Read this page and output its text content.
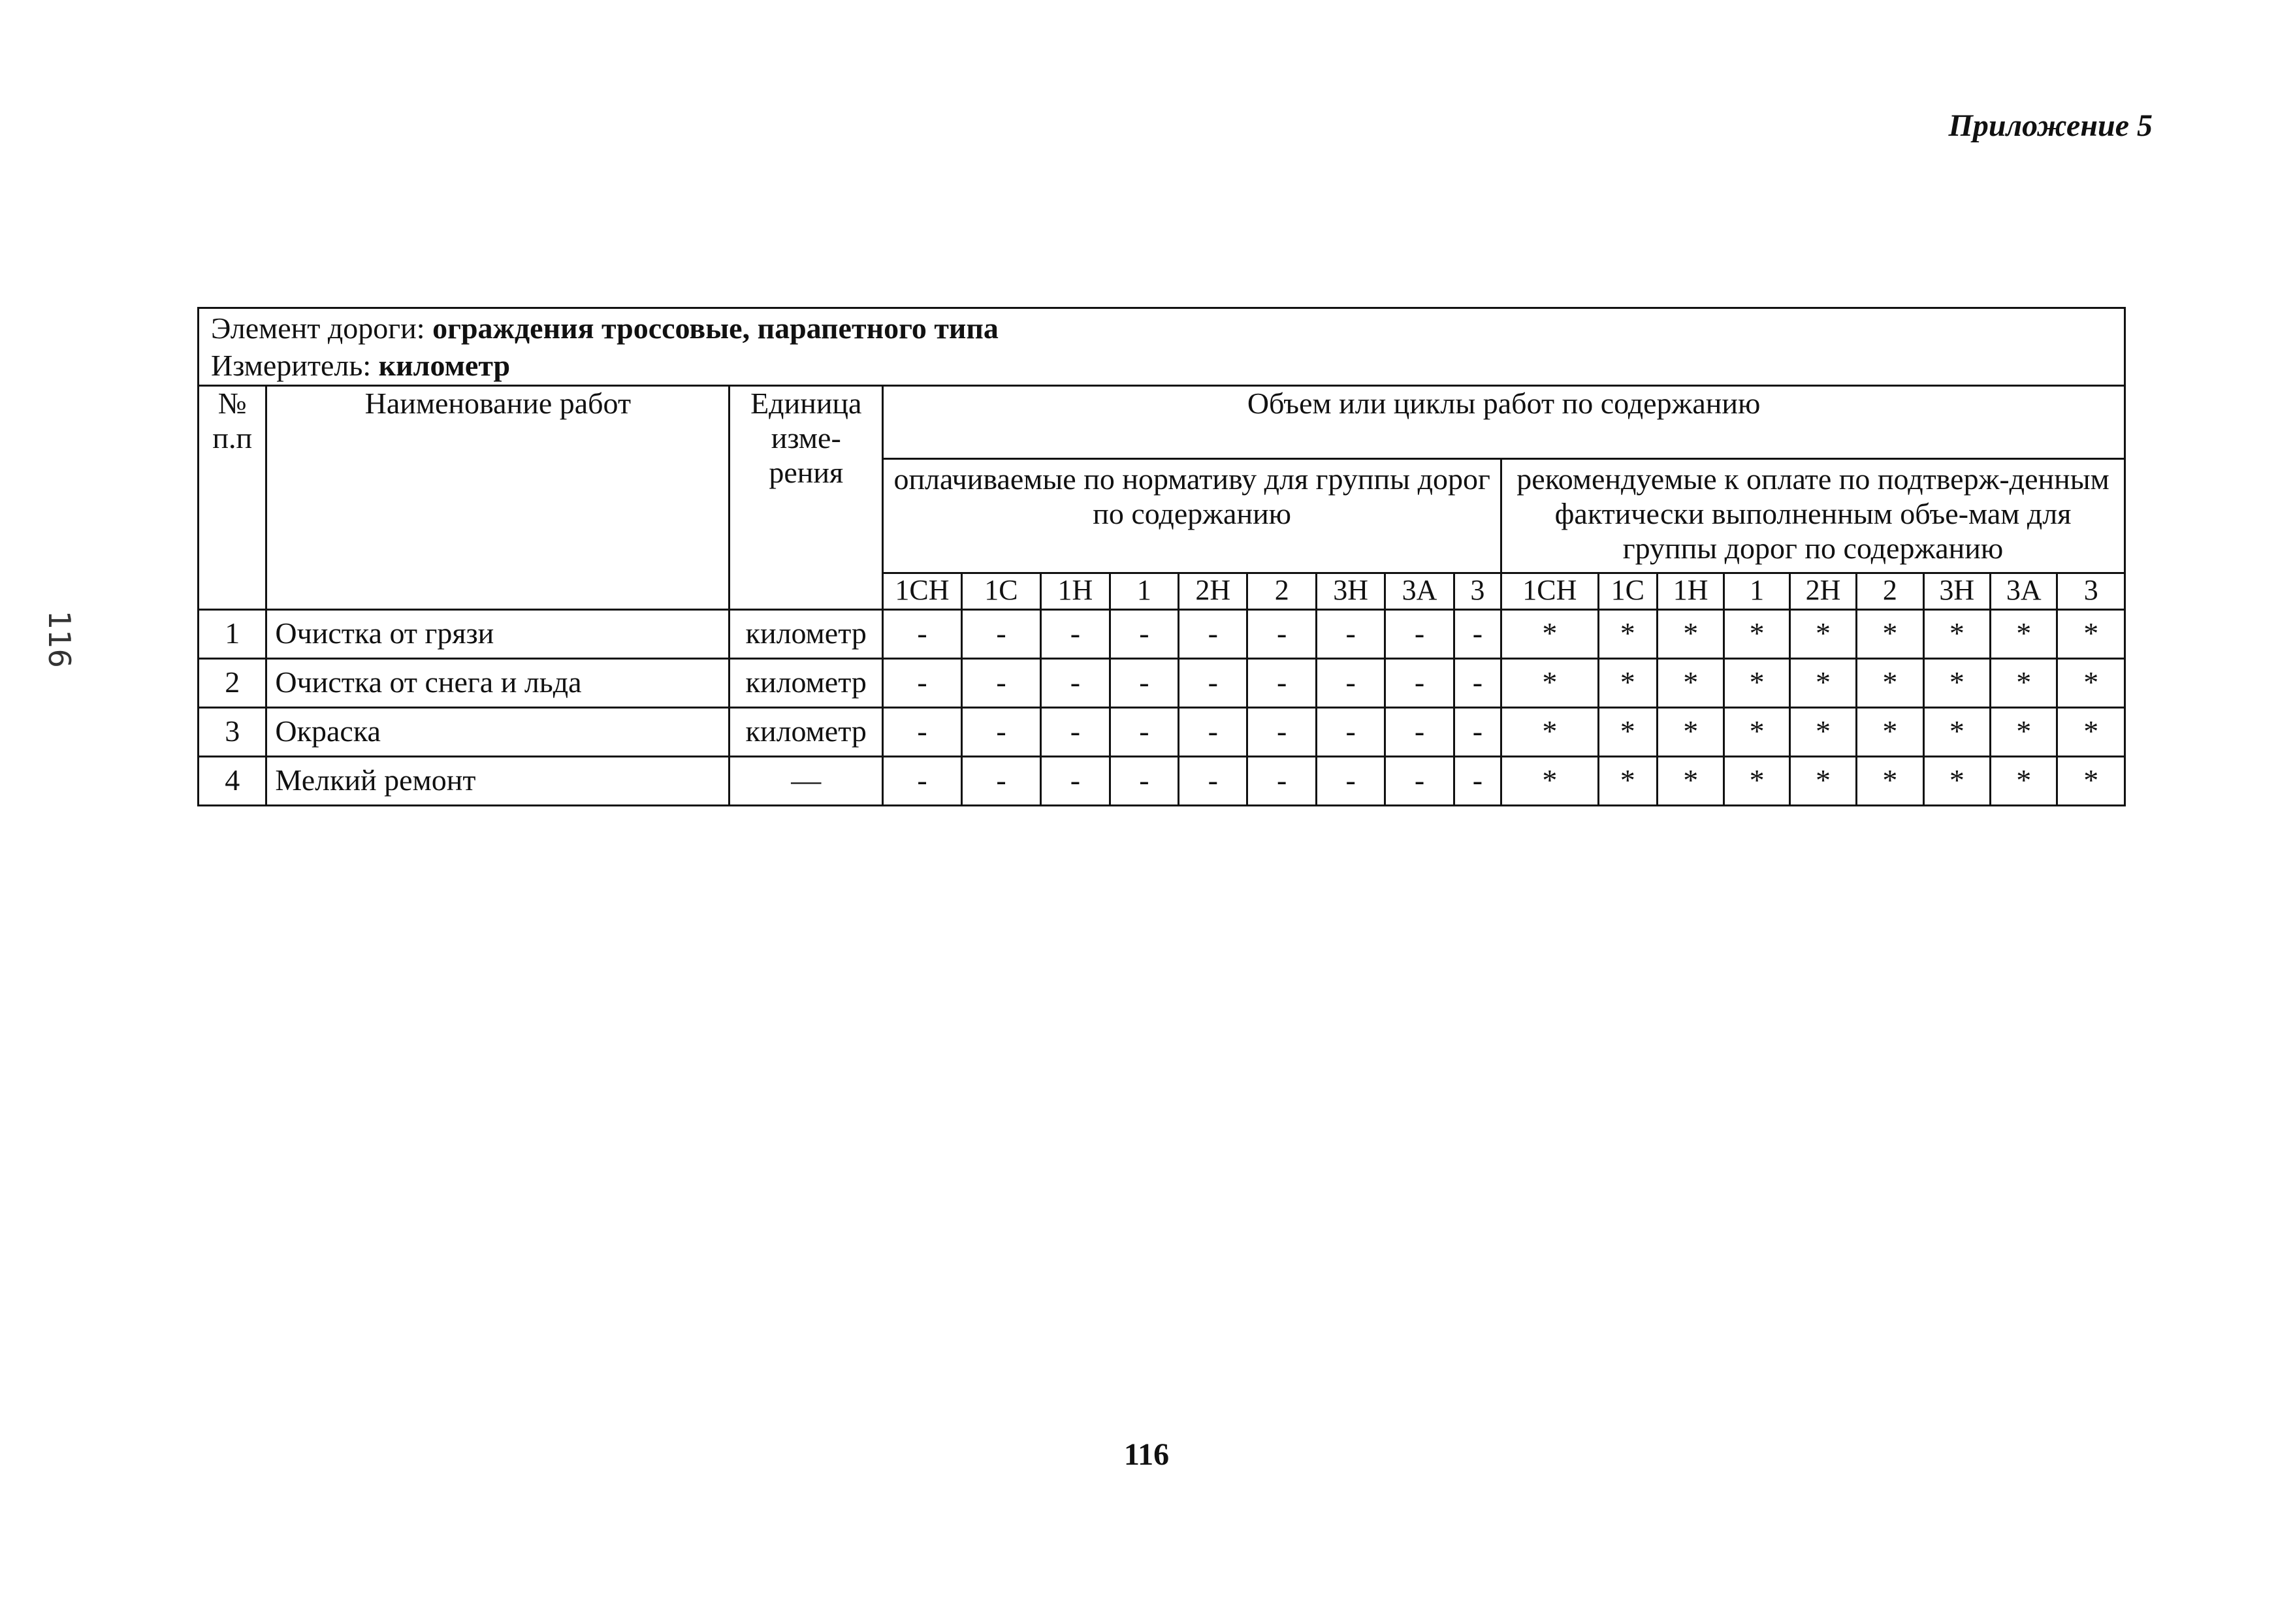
Приложение 5
116
Элемент дороги: ограждения троссовые, парапетного типа																				
Измеритель: километр																				
№ п.п	Наименование работ	Единица изме-рения	Объем или циклы работ по содержанию																	
			оплачиваемые по нормативу для группы дорог по содержанию									рекомендуемые к оплате по подтверж-денным фактически выполненным объе-мам для группы дорог по содержанию								
			1СН	1С	1Н	1	2Н	2	3Н	3А	3	1СН	1С	1Н	1	2Н	2	3Н	3А	3
1	Очистка от грязи	километр	-	-	-	-	-	-	-	-	-	*	*	*	*	*	*	*	*	*
2	Очистка от снега и льда	километр	-	-	-	-	-	-	-	-	-	*	*	*	*	*	*	*	*	*
3	Окраска	километр	-	-	-	-	-	-	-	-	-	*	*	*	*	*	*	*	*	*
4	Мелкий ремонт	—	-	-	-	-	-	-	-	-	-	*	*	*	*	*	*	*	*	*
116
